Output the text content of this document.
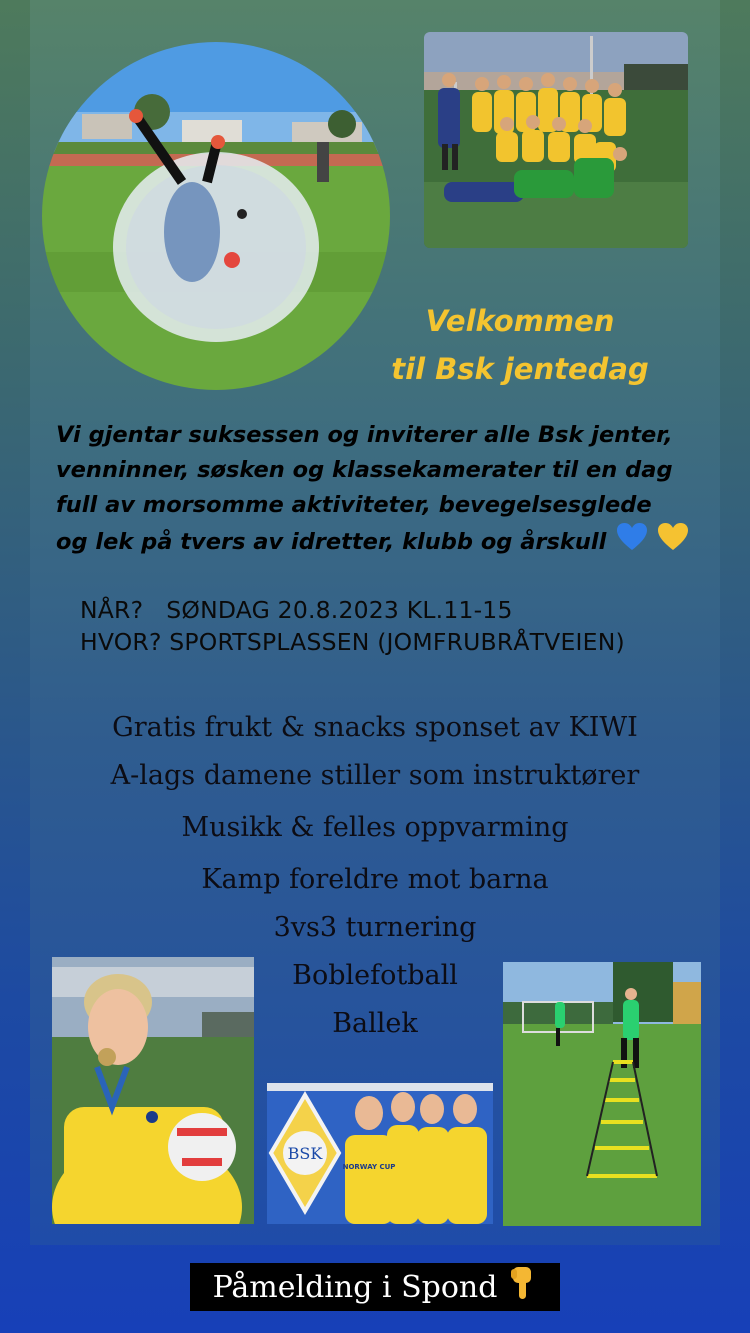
Velkommen
til Bsk jentedag
Vi gjentar suksessen og inviterer alle Bsk jenter,
venninner, søsken og klassekamerater til en dag
full av morsomme aktiviteter, bevegelsesglede
og lek på tvers av idretter, klubb og årskull
NÅR?   SØNDAG 20.8.2023 KL.11-15
HVOR? SPORTSPLASSEN (JOMFRUBRÅTVEIEN)
Gratis frukt & snacks sponset av KIWI
A-lags damene stiller som instruktører
Musikk & felles oppvarming
Kamp foreldre mot barna
3vs3 turnering
Boblefotball
Ballek
BSK
NORWAY CUP
Påmelding i Spond
